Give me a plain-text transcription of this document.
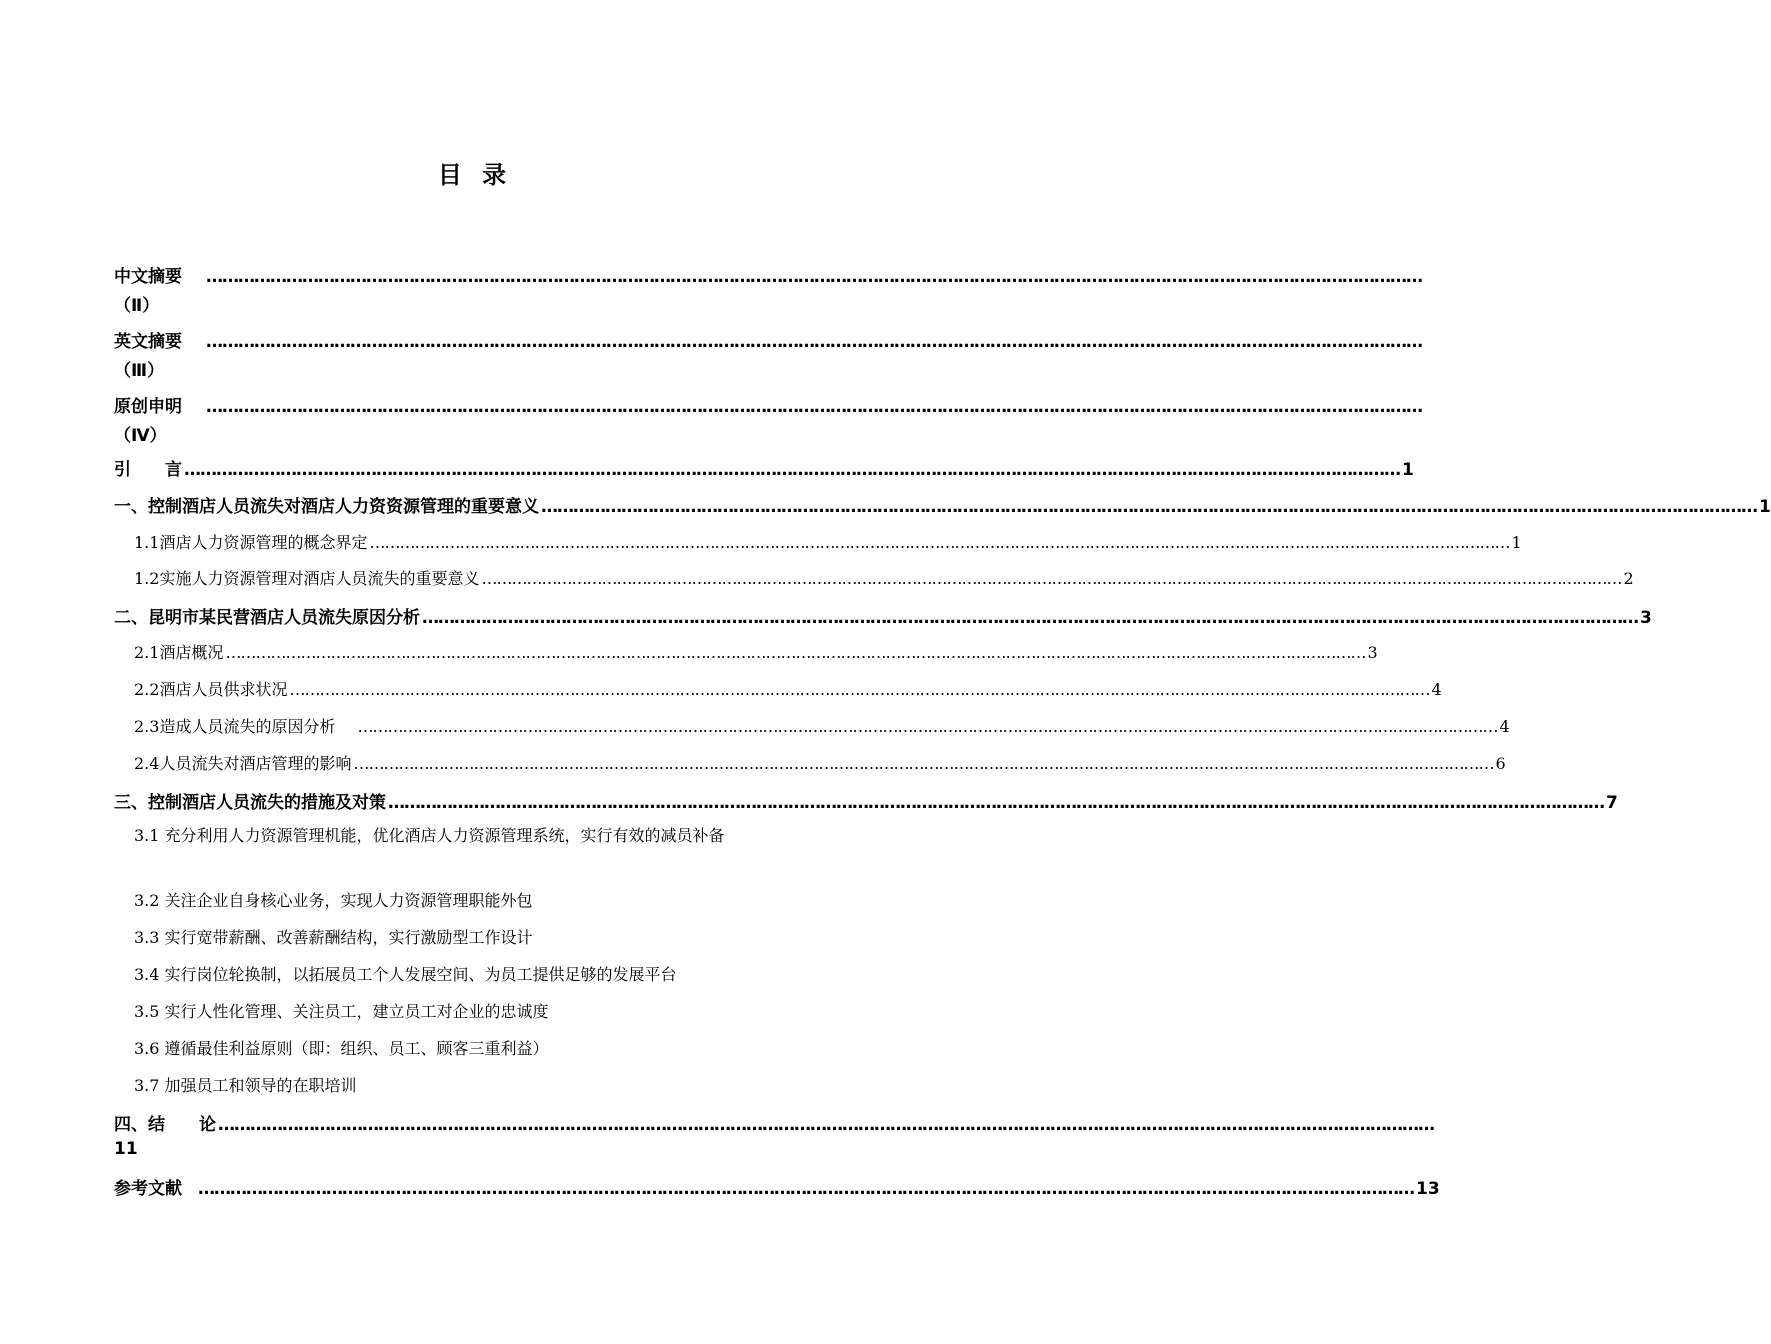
目 录
中文摘要 …………………………………………………………………………………………………………………………………………………………………………………………………………
（Ⅱ）
英文摘要 …………………………………………………………………………………………………………………………………………………………………………………………………………
（Ⅲ）
原创申明 …………………………………………………………………………………………………………………………………………………………………………………………………………
（Ⅳ）
引　　言 ………………………………………………………………………………………………………………………………………………………………………………………………………… 1
一、 控制酒店人员流失对酒店人力资资源管理的重要意义 ………………………………………………………………………………………………………………………………………………………………………………………………………… 1
1.1 酒店人力资源管理的概念界定 ………………………………………………………………………………………………………………………………………………………………………………………………………… 1
1.2 实施人力资源管理对酒店人员流失的重要意义 ………………………………………………………………………………………………………………………………………………………………………………………………………… 2
二、 昆明市某民营酒店人员流失原因分析 ………………………………………………………………………………………………………………………………………………………………………………………………………… 3
2.1 酒店概况 ………………………………………………………………………………………………………………………………………………………………………………………………………… 3
2.2 酒店人员供求状况 ………………………………………………………………………………………………………………………………………………………………………………………………………… 4
2.3 造成人员流失的原因分析 ………………………………………………………………………………………………………………………………………………………………………………………………………… 4
2.4 人员流失对酒店管理的影响 ………………………………………………………………………………………………………………………………………………………………………………………………………… 6
三、控制酒店人员流失的措施及对策 ………………………………………………………………………………………………………………………………………………………………………………………………………… 7
3.1 充分利用人力资源管理机能，优化酒店人力资源管理系统，实行有效的减员补备
3.2 关注企业自身核心业务，实现人力资源管理职能外包
3.3 实行宽带薪酬、改善薪酬结构，实行激励型工作设计
3.4 实行岗位轮换制，以拓展员工个人发展空间、为员工提供足够的发展平台
3.5 实行人性化管理、关注员工，建立员工对企业的忠诚度
3.6 遵循最佳利益原则（即：组织、员工、顾客三重利益）
3.7 加强员工和领导的在职培训
四、结　　论 …………………………………………………………………………………………………………………………………………………………………………………………………………
11
参考文献 ………………………………………………………………………………………………………………………………………………………………………………………………………… 13
